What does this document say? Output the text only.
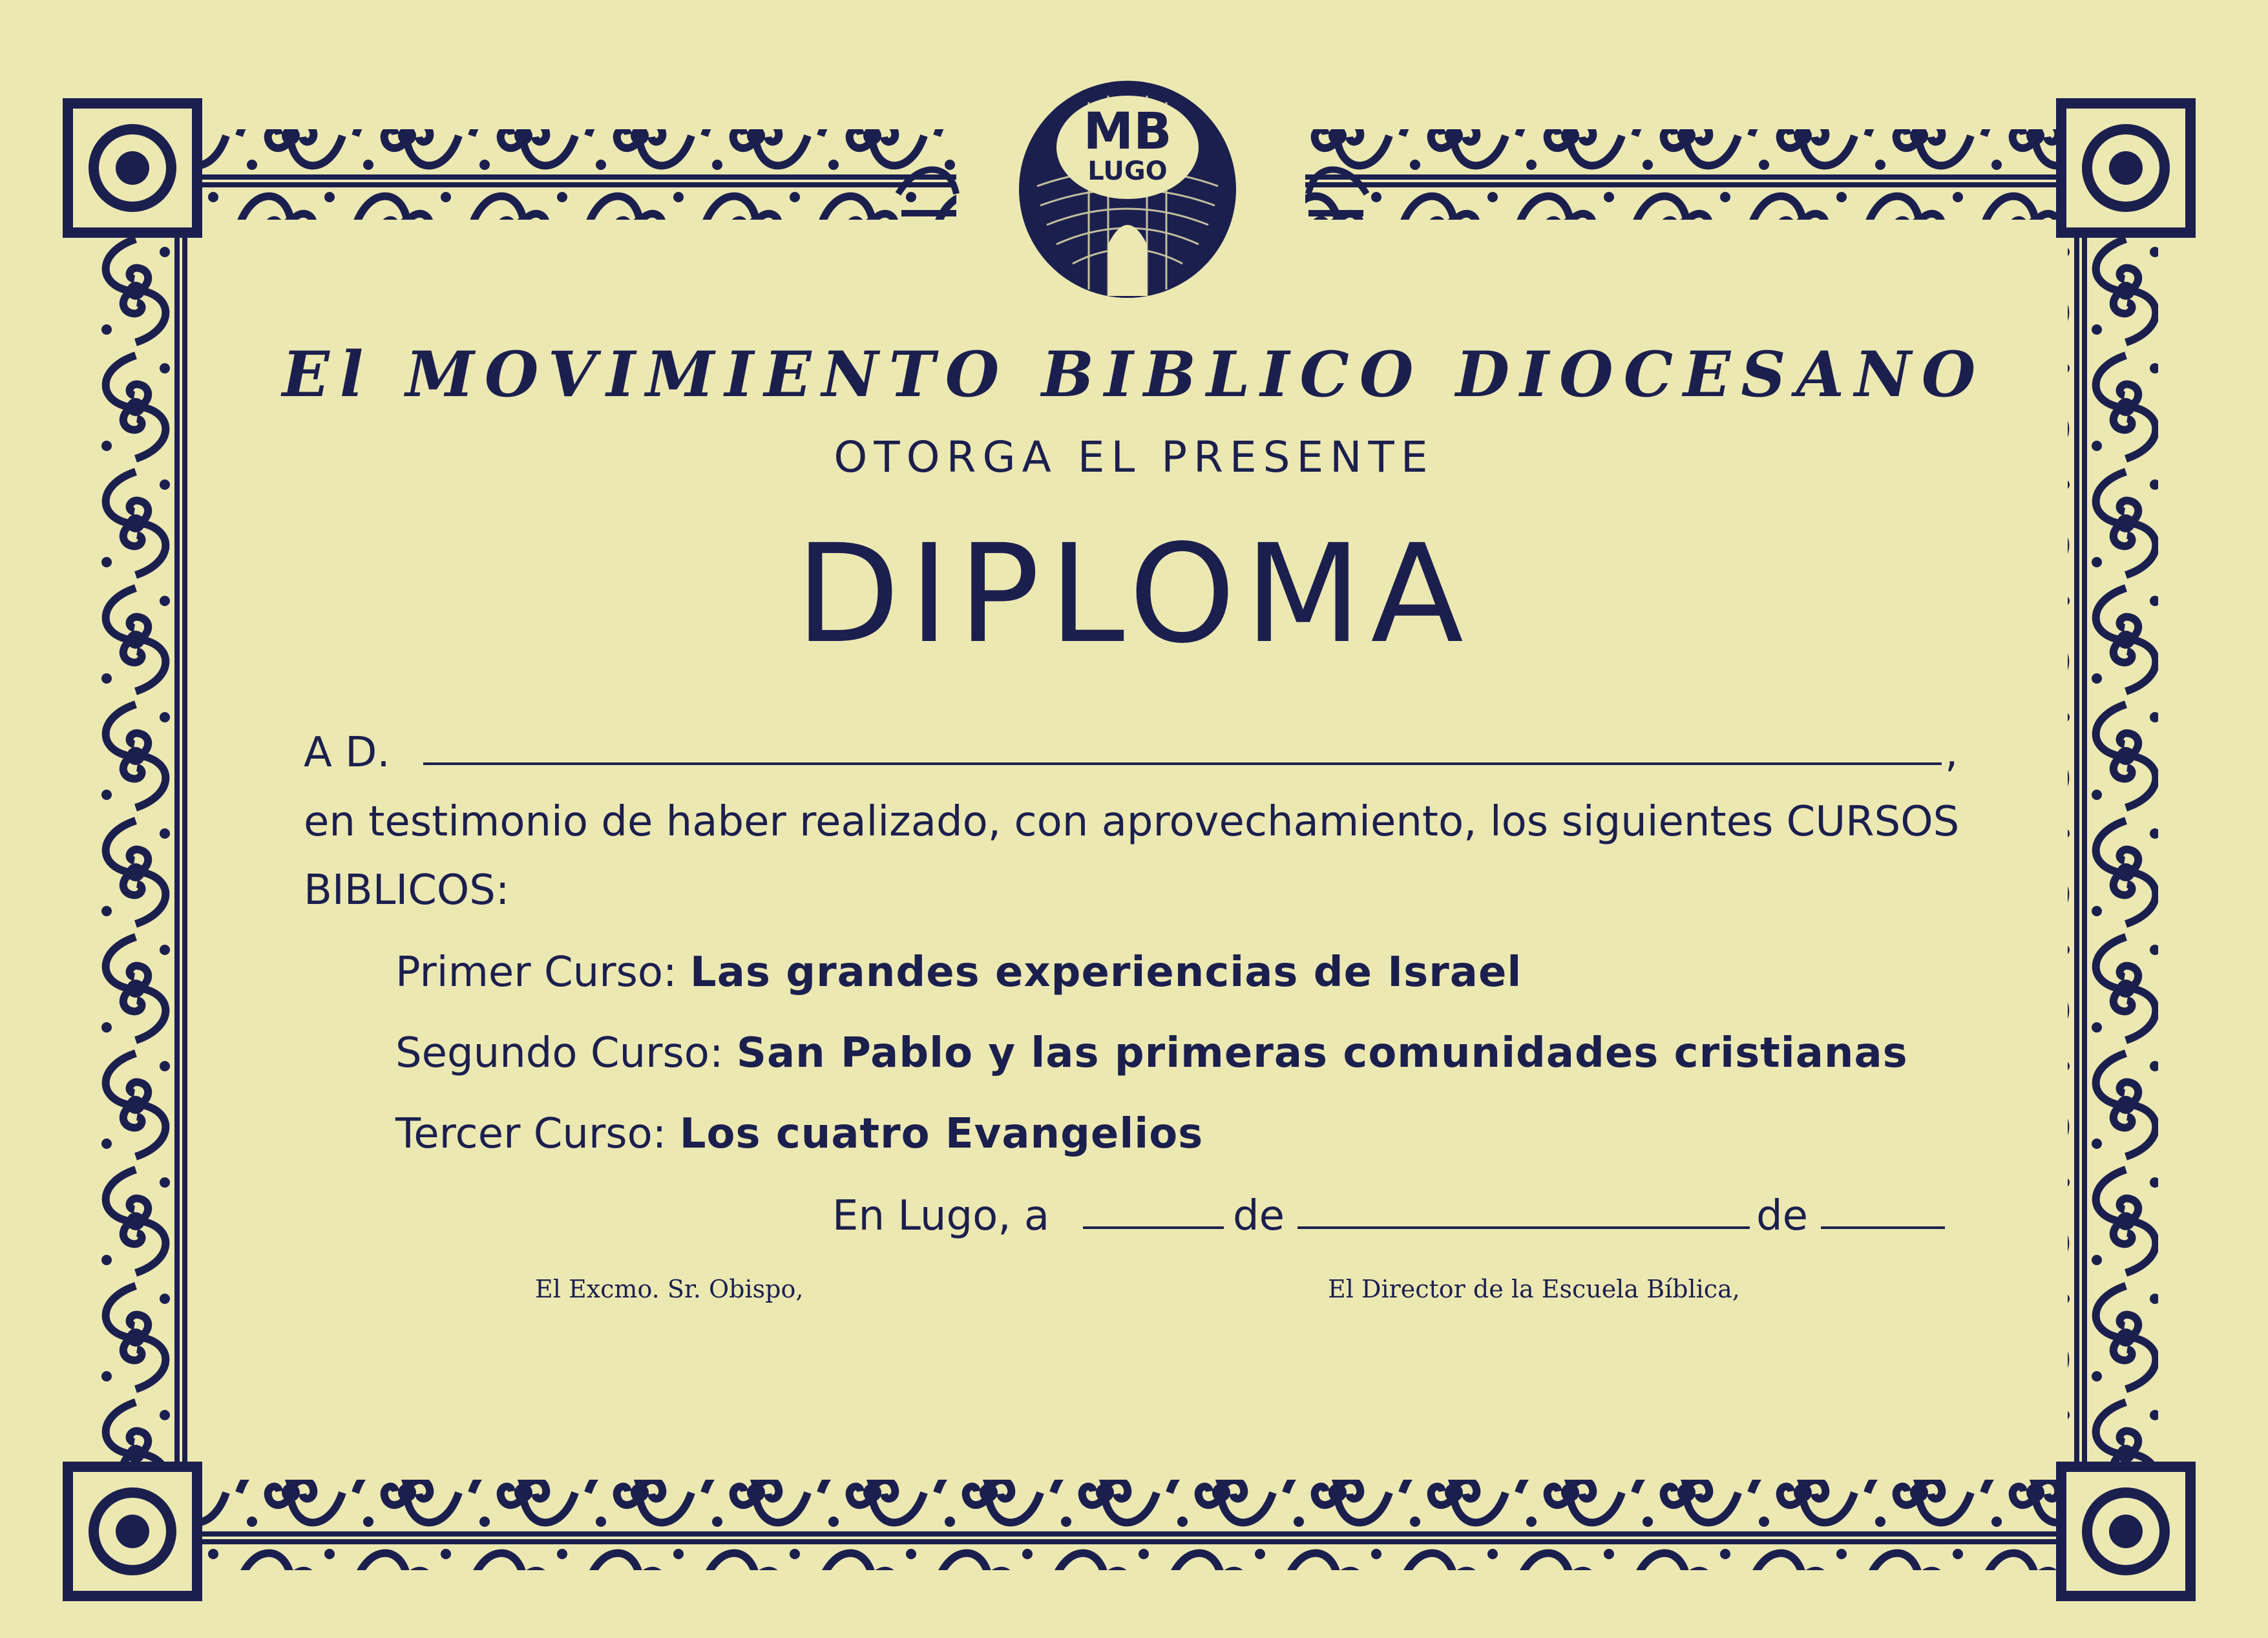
MB
LUGO
El MOVIMIENTO BIBLICO DIOCESANO
OTORGA EL PRESENTE
DIPLOMA
A D.	,
en testimonio de haber realizado, con aprovechamiento, los siguientes CURSOS
BIBLICOS:
Primer Curso: Las grandes experiencias de Israel
Segundo Curso: San Pablo y las primeras comunidades cristianas
Tercer Curso: Los cuatro Evangelios
En Lugo, a	de	de
El Excmo. Sr. Obispo,	El Director de la Escuela Bíblica,
